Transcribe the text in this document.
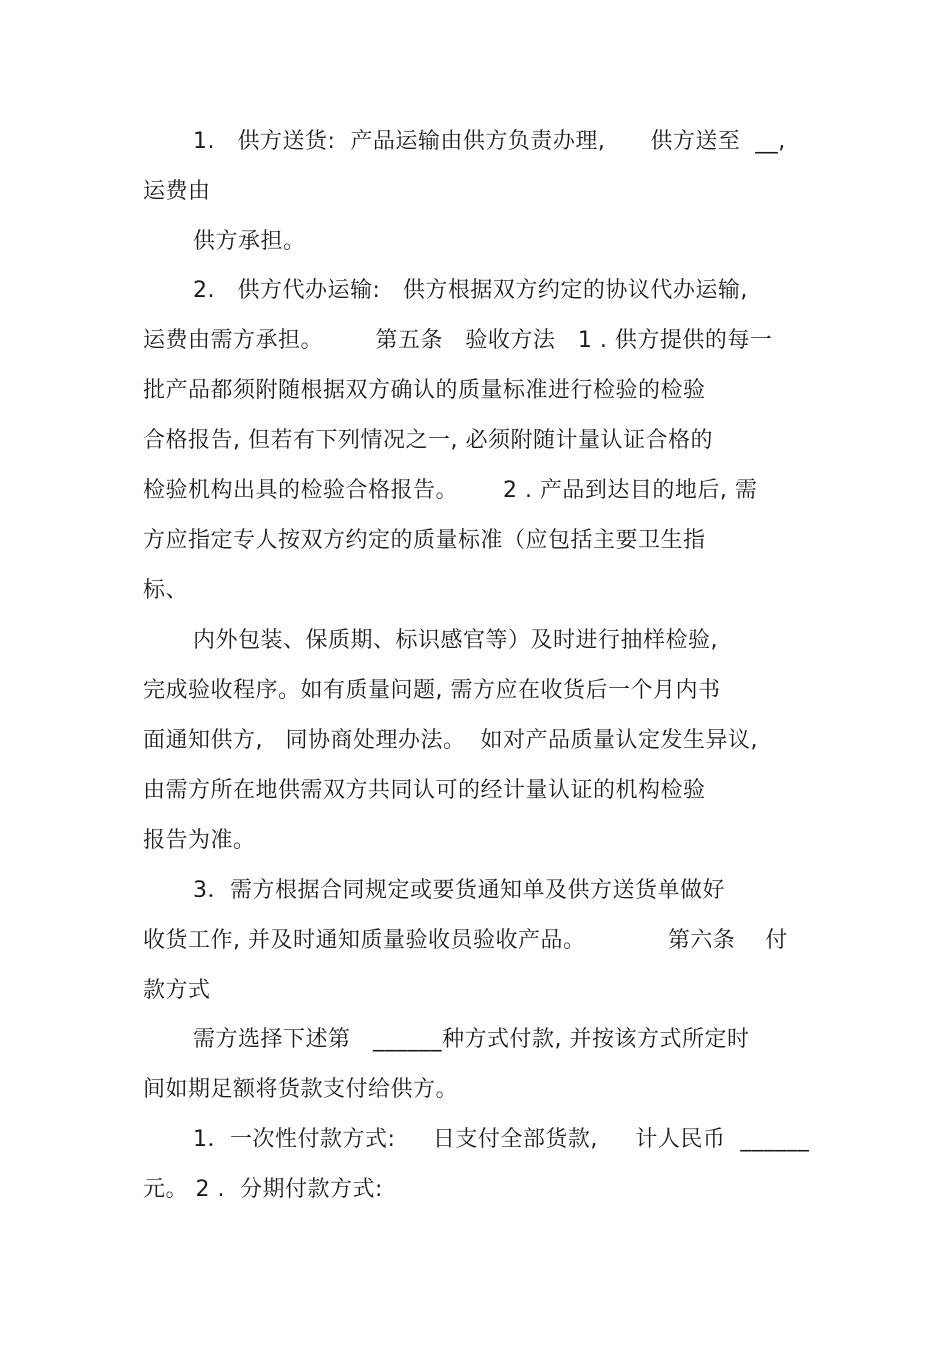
1.   供方送货:  产品运输由供方负责办理,      供方送至  __,
运费由
供方承担。
2.   供方代办运输:   供方根据双方约定的协议代办运输,
运费由需方承担。       第五条   验收方法   1 . 供方提供的每一
批产品都须附随根据双方确认的质量标准进行检验的检验
合格报告, 但若有下列情况之一, 必须附随计量认证合格的
检验机构出具的检验合格报告。      2 . 产品到达目的地后, 需
方应指定专人按双方约定的质量标准（应包括主要卫生指
标、
内外包装、保质期、标识感官等）及时进行抽样检验,
完成验收程序。如有质量问题, 需方应在收货后一个月内书
面通知供方,   同协商处理办法。  如对产品质量认定发生异议,
由需方所在地供需双方共同认可的经计量认证的机构检验
报告为准。
3．需方根据合同规定或要货通知单及供方送货单做好
收货工作, 并及时通知质量验收员验收产品。           第六条    付
款方式
需方选择下述第   ______种方式付款, 并按该方式所定时
间如期足额将货款支付给供方。
1．一次性付款方式:     日支付全部货款,     计人民币  ______
元。 2 .  分期付款方式:
